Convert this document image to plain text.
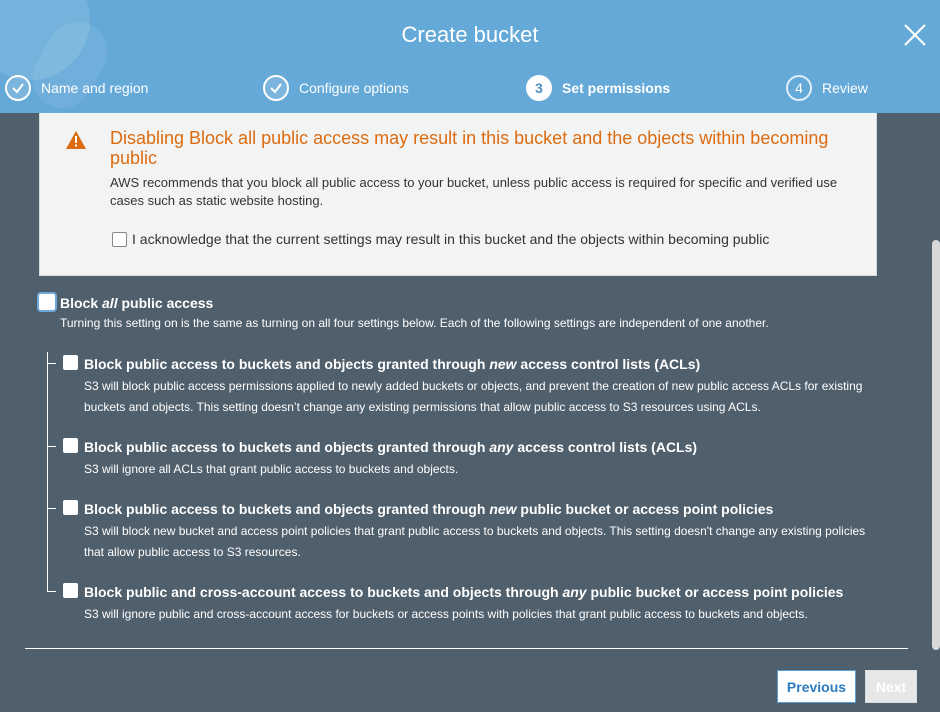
Create bucket
Name and region	Configure options	3	Set permissions	4	Review
Disabling Block all public access may result in this bucket and the objects within becoming public
AWS recommends that you block all public access to your bucket, unless public access is required for specific and verified use cases such as static website hosting.
I acknowledge that the current settings may result in this bucket and the objects within becoming public
Block all public access
Turning this setting on is the same as turning on all four settings below. Each of the following settings are independent of one another.
Block public access to buckets and objects granted through new access control lists (ACLs)
S3 will block public access permissions applied to newly added buckets or objects, and prevent the creation of new public access ACLs for existing buckets and objects. This setting doesn’t change any existing permissions that allow public access to S3 resources using ACLs.
Block public access to buckets and objects granted through any access control lists (ACLs)
S3 will ignore all ACLs that grant public access to buckets and objects.
Block public access to buckets and objects granted through new public bucket or access point policies
S3 will block new bucket and access point policies that grant public access to buckets and objects. This setting doesn't change any existing policies that allow public access to S3 resources.
Block public and cross-account access to buckets and objects through any public bucket or access point policies
S3 will ignore public and cross-account access for buckets or access points with policies that grant public access to buckets and objects.
Previous	Next
